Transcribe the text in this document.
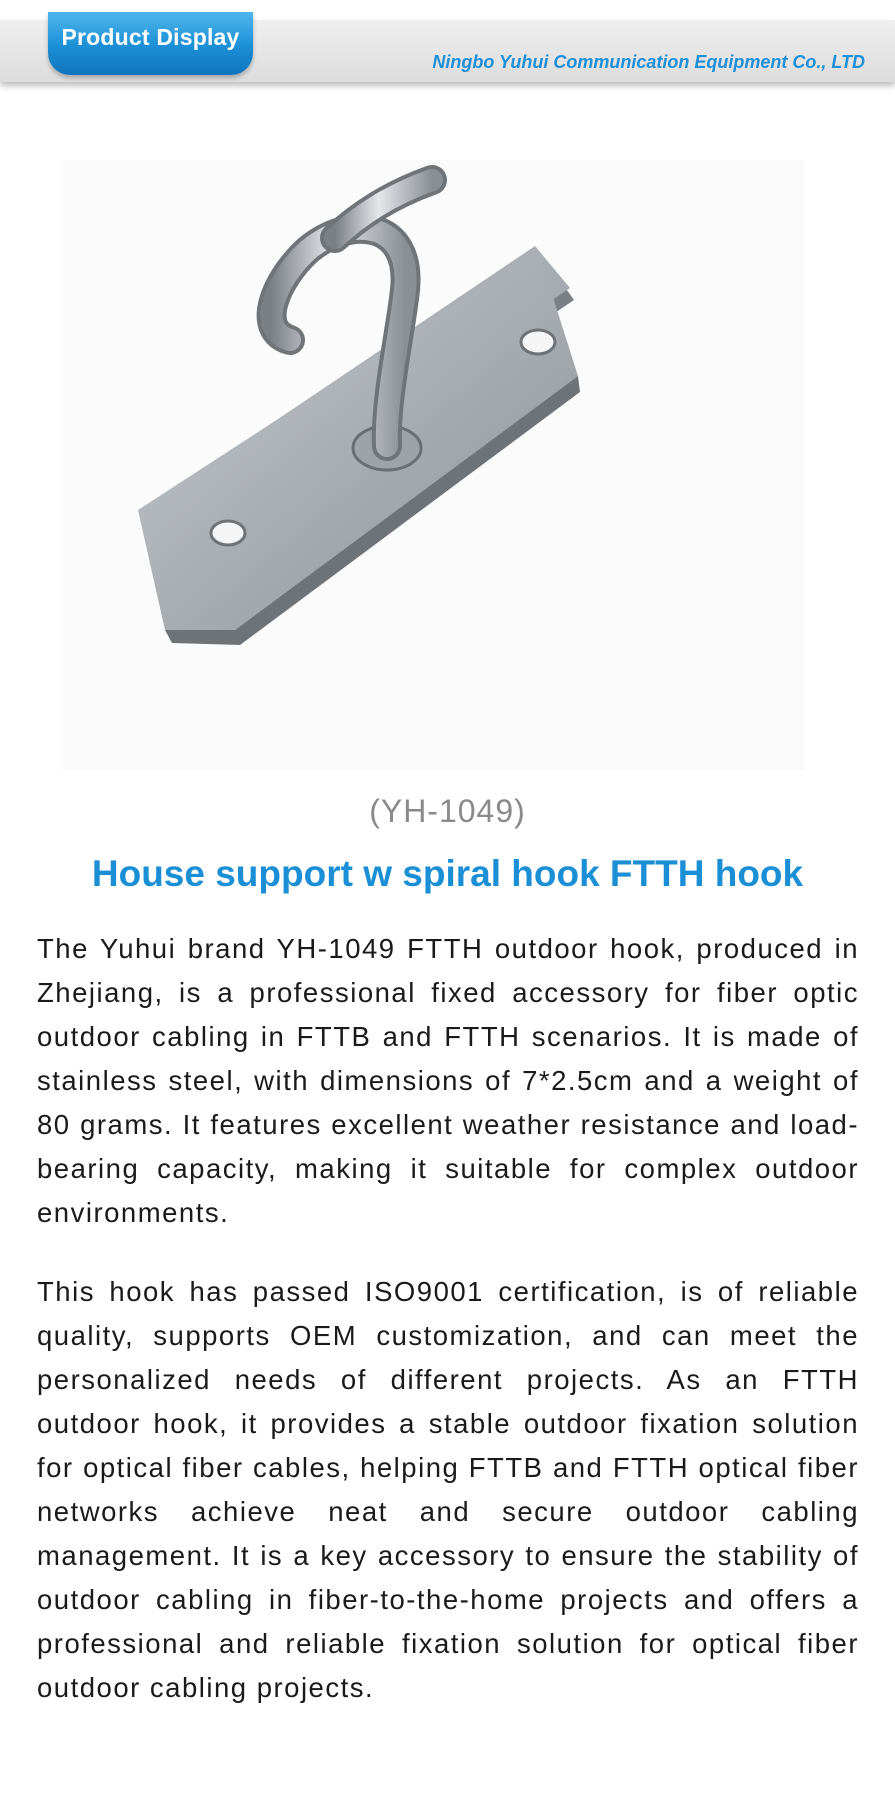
Ningbo Yuhui Communication Equipment Co., LTD
Product Display
(YH-1049)
House support w spiral hook FTTH hook

The Yuhui brand YH-1049 FTTH outdoor hook, produced in Zhejiang, is a professional fixed accessory for fiber optic outdoor cabling in FTTB and FTTH scenarios. It is made of stainless steel, with dimensions of 7*2.5cm and a weight of 80 grams. It features excellent weather resistance and load-bearing capacity, making it suitable for complex outdoor environments.

This hook has passed ISO9001 certification, is of reliable quality, supports OEM customization, and can meet the personalized needs of different projects. As an FTTH outdoor hook, it provides a stable outdoor fixation solution for optical fiber cables, helping FTTB and FTTH optical fiber networks achieve neat and secure outdoor cabling management. It is a key accessory to ensure the stability of outdoor cabling in fiber-to-the-home projects and offers a professional and reliable fixation solution for optical fiber outdoor cabling projects.
